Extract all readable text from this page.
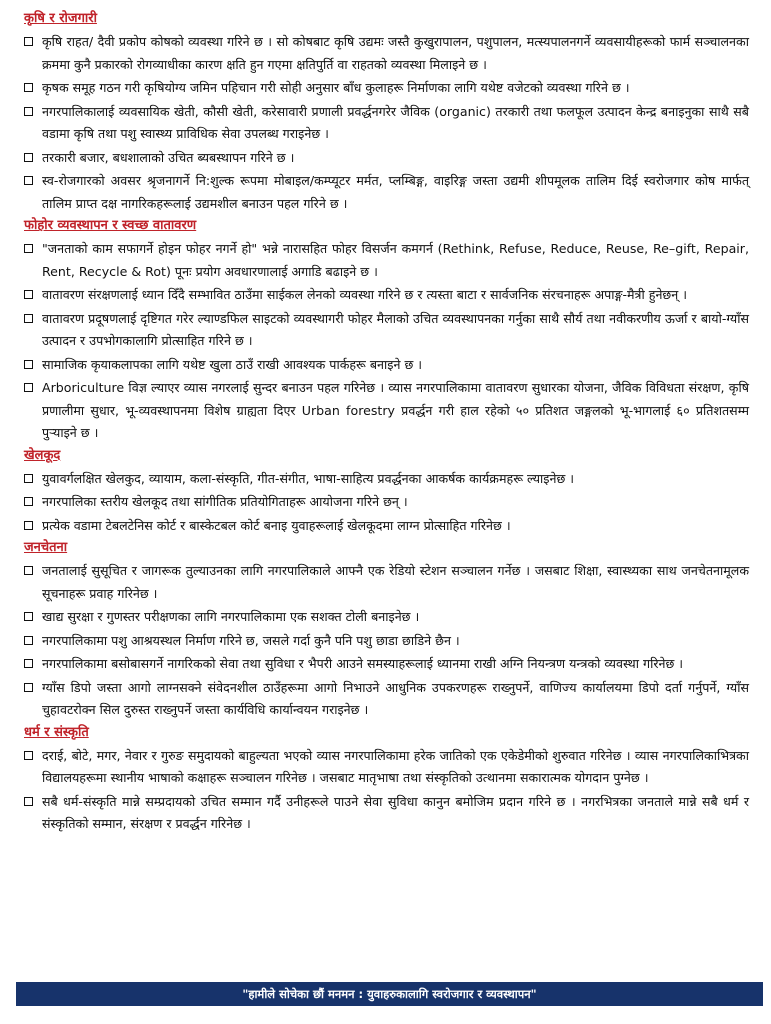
कृषि र रोजगारी
कृषि राहत/ दैवी प्रकोप कोषको व्यवस्था गरिने छ । सो कोषबाट कृषि उद्यमः जस्तै कुखुरापालन, पशुपालन, मत्स्यपालनगर्ने व्यवसायीहरूको फार्म सञ्चालनका क्रममा कुनै प्रकारको रोगव्याधीका कारण क्षति हुन गएमा क्षतिपुर्ति वा राहतको व्यवस्था मिलाइने छ ।
कृषक समूह गठन गरी कृषियोग्य जमिन पहिचान गरी सोही अनुसार बाँध कुलाहरू निर्माणका लागि यथेष्ट वजेटको व्यवस्था गरिने छ ।
नगरपालिकालाई व्यवसायिक खेती, कौसी खेती, करेसावारी प्रणाली प्रवर्द्धनगरेर जैविक (organic) तरकारी तथा फलफूल उत्पादन केन्द्र बनाइनुका साथै सबै वडामा कृषि तथा पशु स्वास्थ्य प्राविधिक सेवा उपलब्ध गराइनेछ ।
तरकारी बजार, बधशालाको उचित ब्यबस्थापन गरिने छ ।
स्व-रोजगारको अवसर श्रृजनागर्ने नि:शुल्क रूपमा मोबाइल/कम्प्यूटर मर्मत, प्लम्बिङ्ग, वाइरिङ्ग जस्ता उद्यमी शीपमूलक तालिम दिई स्वरोजगार कोष मार्फत् तालिम प्राप्त दक्ष नागरिकहरूलाई उद्यमशील बनाउन पहल गरिने छ ।
फोहोर व्यवस्थापन र स्वच्छ वातावरण
"जनताको काम सफागर्ने होइन फोहर नगर्ने हो" भन्ने नारासहित फोहर विसर्जन कमगर्न (Rethink, Refuse, Reduce, Reuse, Re–gift, Repair, Rent, Recycle & Rot) पूनः प्रयोग अवधारणालाई अगाडि बढाइने छ ।
वातावरण संरक्षणलाई ध्यान दिँदै सम्भावित ठाउँमा साईकल लेनको व्यवस्था गरिने छ र त्यस्ता बाटा र सार्वजनिक संरचनाहरू अपाङ्ग-मैत्री हुनेछन् ।
वातावरण प्रदूषणलाई दृष्टिगत गरेर ल्याण्डफिल साइटको व्यवस्थागरी फोहर मैलाको उचित व्यवस्थापनका गर्नुका साथै सौर्य तथा नवीकरणीय ऊर्जा र बायो-ग्याँस उत्पादन र उपभोगकालागि प्रोत्साहित गरिने छ ।
सामाजिक कृयाकलापका लागि यथेष्ट खुला ठाउँ राखी आवश्यक पार्कहरू बनाइने छ ।
Arboriculture विज्ञ ल्याएर व्यास नगरलाई सुन्दर बनाउन पहल गरिनेछ । व्यास नगरपालिकामा वातावरण सुधारका योजना, जैविक विविधता संरक्षण, कृषि प्रणालीमा सुधार, भू-व्यवस्थापनमा विशेष ग्राह्यता दिएर Urban forestry प्रवर्द्धन गरी हाल रहेको ५० प्रतिशत जङ्गलको भू-भागलाई ६० प्रतिशतसम्म पुऱ्याइने छ ।
खेलकूद
युवावर्गलक्षित खेलकुद, व्यायाम, कला-संस्कृति, गीत-संगीत, भाषा-साहित्य प्रवर्द्धनका आकर्षक कार्यक्रमहरू ल्याइनेछ ।
नगरपालिका स्तरीय खेलकूद तथा सांगीतिक प्रतियोगिताहरू आयोजना गरिने छन् ।
प्रत्येक वडामा टेबलटेनिस कोर्ट र बास्केटबल कोर्ट बनाइ युवाहरूलाई खेलकूदमा लाग्न प्रोत्साहित गरिनेछ ।
जनचेतना
जनतालाई सुसूचित र जागरूक तुल्याउनका लागि नगरपालिकाले आफ्नै एक रेडियो स्टेशन सञ्चालन गर्नेछ । जसबाट शिक्षा, स्वास्थ्यका साथ जनचेतनामूलक सूचनाहरू प्रवाह गरिनेछ ।
खाद्य सुरक्षा र गुणस्तर परीक्षणका लागि नगरपालिकामा एक सशक्त टोली बनाइनेछ ।
नगरपालिकामा पशु आश्रयस्थल निर्माण गरिने छ, जसले गर्दा कुनै पनि पशु छाडा छाडिने छैन ।
नगरपालिकामा बसोबासगर्ने नागरिकको सेवा तथा सुविधा र भैपरी आउने समस्याहरूलाई ध्यानमा राखी अग्नि नियन्त्रण यन्त्रको व्यवस्था गरिनेछ ।
ग्याँस डिपो जस्ता आगो लाग्नसक्ने संवेदनशील ठाउँहरूमा आगो निभाउने आधुनिक उपकरणहरू राख्नुपर्ने, वाणिज्य कार्यालयमा डिपो दर्ता गर्नुपर्ने, ग्याँस चुहावटरोक्न सिल दुरुस्त राख्नुपर्ने जस्ता कार्यविधि कार्यान्वयन गराइनेछ ।
धर्म र संस्कृति
दराई, बोटे, मगर, नेवार र गुरुङ समुदायको बाहुल्यता भएको व्यास नगरपालिकामा हरेक जातिको एक एकेडेमीको शुरुवात गरिनेछ । व्यास नगरपालिकाभित्रका विद्यालयहरूमा स्थानीय भाषाको कक्षाहरू सञ्चालन गरिनेछ । जसबाट मातृभाषा तथा संस्कृतिको उत्थानमा सकारात्मक योगदान पुग्नेछ ।
सबै धर्म-संस्कृति मान्ने सम्प्रदायको उचित सम्मान गर्दै उनीहरूले पाउने सेवा सुविधा कानुन बमोजिम प्रदान गरिने छ । नगरभित्रका जनताले मान्ने सबै धर्म र संस्कृतिको सम्मान, संरक्षण र प्रवर्द्धन गरिनेछ ।
"हामीले सोचेका छौं मनमन : युवाहरुकालागि स्वरोजगार र व्यवस्थापन"
